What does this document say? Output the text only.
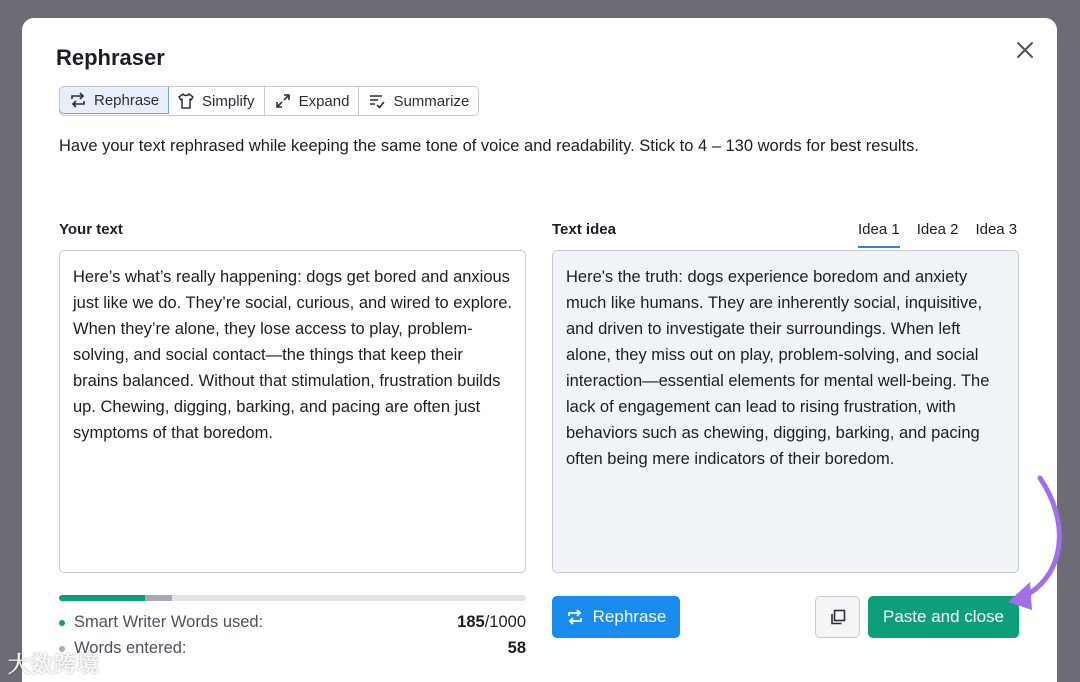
Rephraser
Rephrase	Simplify	Expand	Summarize
Have your text rephrased while keeping the same tone of voice and readability. Stick to 4 – 130 words for best results.
Your text	Text idea	Idea 1 Idea 2 Idea 3
Here’s what’s really happening: dogs get bored and anxious just like we do. They’re social, curious, and wired to explore. When they’re alone, they lose access to play, problem-solving, and social contact—the things that keep their brains balanced. Without that stimulation, frustration builds up. Chewing, digging, barking, and pacing are often just symptoms of that boredom.
Here's the truth: dogs experience boredom and anxiety much like humans. They are inherently social, inquisitive, and driven to investigate their surroundings. When left alone, they miss out on play, problem-solving, and social interaction—essential elements for mental well-being. The lack of engagement can lead to rising frustration, with behaviors such as chewing, digging, barking, and pacing often being mere indicators of their boredom.
Smart Writer Words used:	185/1000
Words entered:	58
Rephrase	Paste and close
大数跨境
